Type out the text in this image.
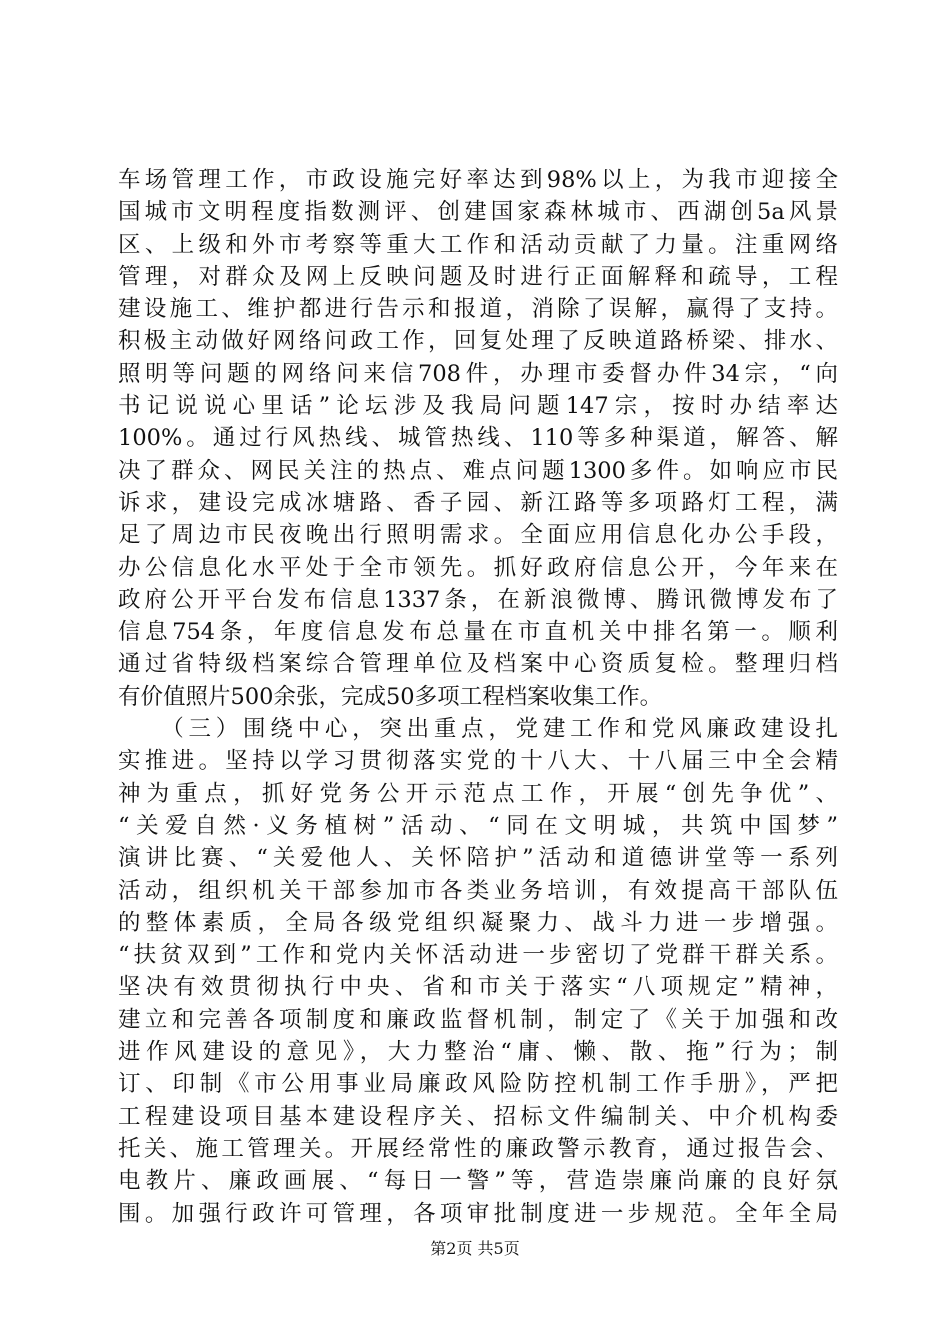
车场管理工作，市政设施完好率达到98%以上，为我市迎接全
国城市文明程度指数测评、创建国家森林城市、西湖创5a风景
区、上级和外市考察等重大工作和活动贡献了力量。注重网络
管理，对群众及网上反映问题及时进行正面解释和疏导，工程
建设施工、维护都进行告示和报道，消除了误解，赢得了支持。
积极主动做好网络问政工作，回复处理了反映道路桥梁、排水、
照明等问题的网络问来信708件，办理市委督办件34宗，“向
书记说说心里话”论坛涉及我局问题147宗，按时办结率达
100%。通过行风热线、城管热线、110等多种渠道，解答、解
决了群众、网民关注的热点、难点问题1300多件。如响应市民
诉求，建设完成冰塘路、香子园、新江路等多项路灯工程，满
足了周边市民夜晚出行照明需求。全面应用信息化办公手段，
办公信息化水平处于全市领先。抓好政府信息公开，今年来在
政府公开平台发布信息1337条，在新浪微博、腾讯微博发布了
信息754条，年度信息发布总量在市直机关中排名第一。顺利
通过省特级档案综合管理单位及档案中心资质复检。整理归档
有价值照片500余张，完成50多项工程档案收集工作。
　　（三）围绕中心，突出重点，党建工作和党风廉政建设扎
实推进。坚持以学习贯彻落实党的十八大、十八届三中全会精
神为重点，抓好党务公开示范点工作，开展“创先争优”、
“关爱自然·义务植树”活动、“同在文明城，共筑中国梦”
演讲比赛、“关爱他人、关怀陪护”活动和道德讲堂等一系列
活动，组织机关干部参加市各类业务培训，有效提高干部队伍
的整体素质，全局各级党组织凝聚力、战斗力进一步增强。
“扶贫双到”工作和党内关怀活动进一步密切了党群干群关系。
坚决有效贯彻执行中央、省和市关于落实“八项规定”精神，
建立和完善各项制度和廉政监督机制，制定了《关于加强和改
进作风建设的意见》，大力整治“庸、懒、散、拖”行为；制
订、印制《市公用事业局廉政风险防控机制工作手册》，严把
工程建设项目基本建设程序关、招标文件编制关、中介机构委
托关、施工管理关。开展经常性的廉政警示教育，通过报告会、
电教片、廉政画展、“每日一警”等，营造崇廉尚廉的良好氛
围。加强行政许可管理，各项审批制度进一步规范。全年全局
第2页 共5页
